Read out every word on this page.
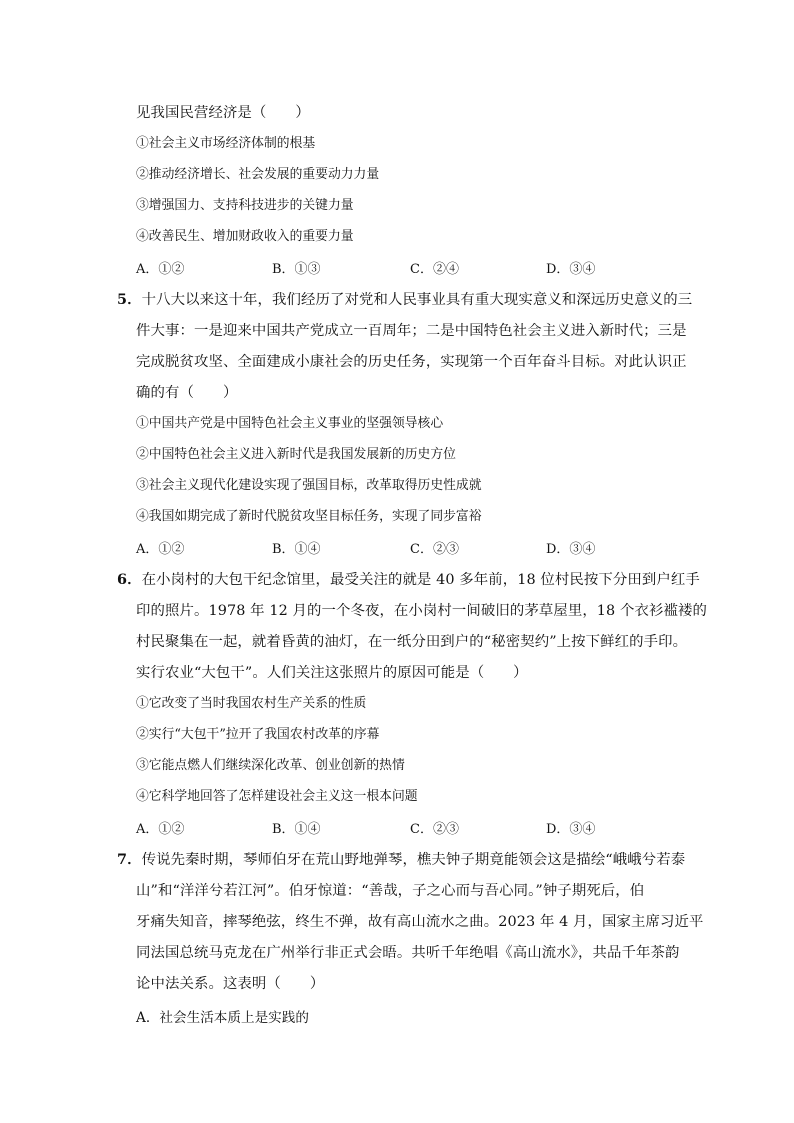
见我国民营经济是（　　）
①社会主义市场经济体制的根基
②推动经济增长、社会发展的重要动力力量
③增强国力、支持科技进步的关键力量
④改善民生、增加财政收入的重要力量
A．①②	B．①③	C．②④	D．③④
5．十八大以来这十年，我们经历了对党和人民事业具有重大现实意义和深远历史意义的三
件大事：一是迎来中国共产党成立一百周年；二是中国特色社会主义进入新时代；三是
完成脱贫攻坚、全面建成小康社会的历史任务，实现第一个百年奋斗目标。对此认识正
确的有（　　）
①中国共产党是中国特色社会主义事业的坚强领导核心
②中国特色社会主义进入新时代是我国发展新的历史方位
③社会主义现代化建设实现了强国目标，改革取得历史性成就
④我国如期完成了新时代脱贫攻坚目标任务，实现了同步富裕
A．①②	B．①④	C．②③	D．③④
6．在小岗村的大包干纪念馆里，最受关注的就是 40 多年前，18 位村民按下分田到户红手
印的照片。1978 年 12 月的一个冬夜，在小岗村一间破旧的茅草屋里，18 个衣衫褴褛的
村民聚集在一起，就着昏黄的油灯，在一纸分田到户的“秘密契约”上按下鲜红的手印。
实行农业“大包干”。人们关注这张照片的原因可能是（　　）
①它改变了当时我国农村生产关系的性质
②实行“大包干”拉开了我国农村改革的序幕
③它能点燃人们继续深化改革、创业创新的热情
④它科学地回答了怎样建设社会主义这一根本问题
A．①②	B．①④	C．②③	D．③④
7．传说先秦时期，琴师伯牙在荒山野地弹琴，樵夫钟子期竟能领会这是描绘“峨峨兮若泰
山”和“洋洋兮若江河”。伯牙惊道：“善哉，子之心而与吾心同。”钟子期死后，伯
牙痛失知音，摔琴绝弦，终生不弹，故有高山流水之曲。2023 年 4 月，国家主席习近平
同法国总统马克龙在广州举行非正式会晤。共听千年绝唱《高山流水》，共品千年茶韵
论中法关系。这表明（　　）
A．社会生活本质上是实践的
